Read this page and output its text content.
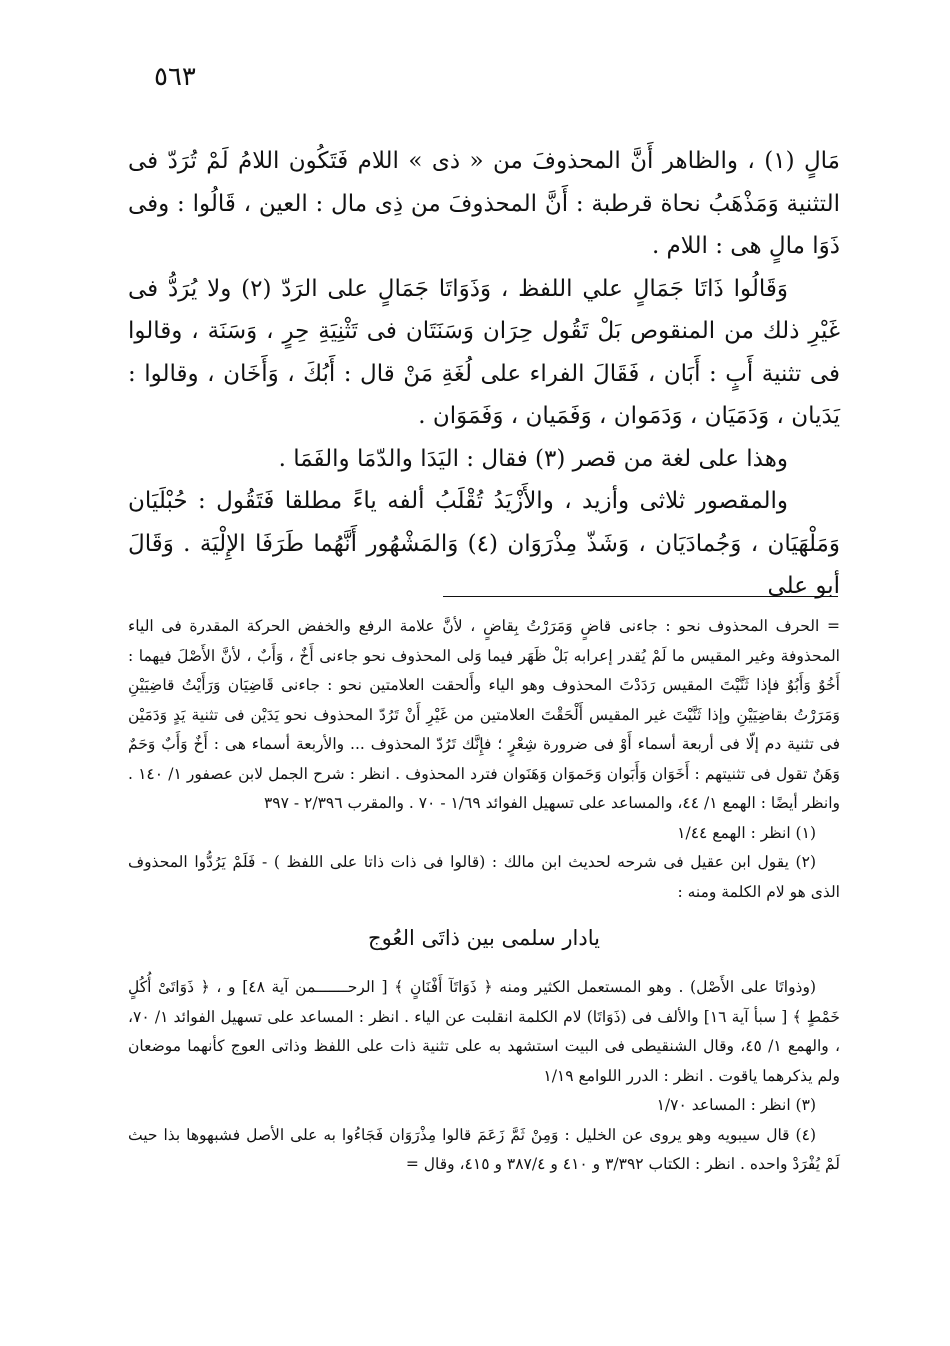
٥٦٣

مَالٍ (١) ، والظاهر أَنَّ المحذوفَ من « ذى » اللام فَتَكُون اللامُ لَمْ تُرَدّ فى التثنية وَمَذْهَبُ نحاة قرطبة : أَنَّ المحذوفَ من ذِى مال : العين ، قَالُوا : وفى ذَوَا مالٍ هى : اللام .

وَقَالُوا ذَاتَا جَمَالٍ علي اللفظ ، وَذَوَاتَا جَمَالٍ على الرَدّ (٢) ولا يُرَدُّ فى غَيْرِ ذلك من المنقوص بَلْ تَقُول حِرَان وَسَنَتَان فى تَثْنِيَةِ حِرٍ ، وَسَنَة ، وقالوا فى تثنية أَبٍ : أَبَان ، فَقَالَ الفراء على لُغَةِ مَنْ قال : أَبُكَ ، وَأَخَان ، وقالوا : يَدَيان ، وَدَمَيَان ، وَدَمَوان ، وَفَمَيان ، وَفَمَوَان .

وهذا على لغة من قصر (٣) فقال : اليَدَا والدّمَا والفَمَا .

والمقصور ثلاثى وأزيد ، والأَزْيَدُ تُقْلَبُ ألفه ياءً مطلقا فَتَقُول : حُبْلَيَان وَمَلْهَيَان ، وَجُمادَيَان ، وَشَذّ مِذْرَوَان (٤) وَالمَشْهُور أَنَّهُما طَرَفَا الإِلْيَة . وَقَالَ أبو على

= الحرف المحذوف نحو : جاءنى قاضٍ وَمَرَرْتُ بِقاضٍ ، لأنَّ علامة الرفع والخفض الحركة المقدرة فى الياء المحذوفة وغير المقيس ما لَمْ يُقدر إعرابه بَلْ ظَهَر فيما وَلى المحذوف نحو جاءنى أَخٌ ، وَأَبٌ ، لأنَّ الأَصْلَ فيهما : أَخُوٌ وَأَبُوٌ فإذا ثَنَّيْتَ المقيس رَدَدْتَ المحذوف وهو الياء وأَلحقت العلامتين نحو : جاءنى قَاضِيَان وَرَأَيْتُ قاضِيَيْنِ وَمَرَرْتُ بقاضِيَيْنِ وإذا ثَنَّيْتَ غير المقيس أَلْحَقْتَ العلامتين من غَيْرِ أَنْ تَرُدّ المحذوف نحو يَدَيْن فى تثنية يَدٍ وَدَمَيْن فى تثنية دم إلّا فى أربعة أسماء أَوْ فى ضرورة شِعْرٍ ؛ فإِنَّك تَرُدّ المحذوف ... والأربعة أسماء هى : أَخٌ وَأَبٌ وَحَمٌ وَهَنٌ تقول فى تثنيتهم : أَخَوَان وَأَبَوان وَحَموَان وَهَنَوان فترد المحذوف . انظر : شرح الجمل لابن عصفور ١/ ١٤٠ . وانظر أيضًا : الهمع ١/ ٤٤، والمساعد على تسهيل الفوائد ١/٦٩ - ٧٠ . والمقرب ٢/٣٩٦ - ٣٩٧

(١) انظر : الهمع ١/٤٤

(٢) يقول ابن عقيل فى شرحه لحديث ابن مالك : (قالوا فى ذات ذاتا على اللفظ ) - فَلَمْ يَرُدُّوا المحذوف الذى هو لام الكلمة ومنه :

يادار سلمى بين ذاتَى العُوج

(وذواتَا على الأَصْل) . وهو المستعمل الكثير ومنه ﴿ ذَوَاتَآ أَفْنَانٍ ﴾ [ الرحـــــــمن آية ٤٨] و ، ﴿ ذَوَاتَىْ أُكُلٍ خَمْطٍ ﴾ [ سبأ آية ١٦] والألف فى (ذَوَاتَا) لام الكلمة انقلبت عن الياء . انظر : المساعد على تسهيل الفوائد ١/ ٧٠، ، والهمع ١/ ٤٥، وقال الشنقيطى فى البيت استشهد به على تثنية ذات على اللفظ وذاتى العوج كأنهما موضعان ولم يذكرهما ياقوت . انظر : الدرر اللوامع ١/١٩

(٣) انظر : المساعد ١/٧٠

(٤) قال سيبويه وهو يروى عن الخليل : وَمِنْ ثَمَّ زَعَمَ قالوا مِذْرَوَان فَجَاءُوا به على الأصل فشبهوها بذا حيث لَمْ يُفْرَدْ واحده . انظر : الكتاب ٣/٣٩٢ و ٤١٠ و ٣٨٧/٤ و ٤١٥، وقال =
